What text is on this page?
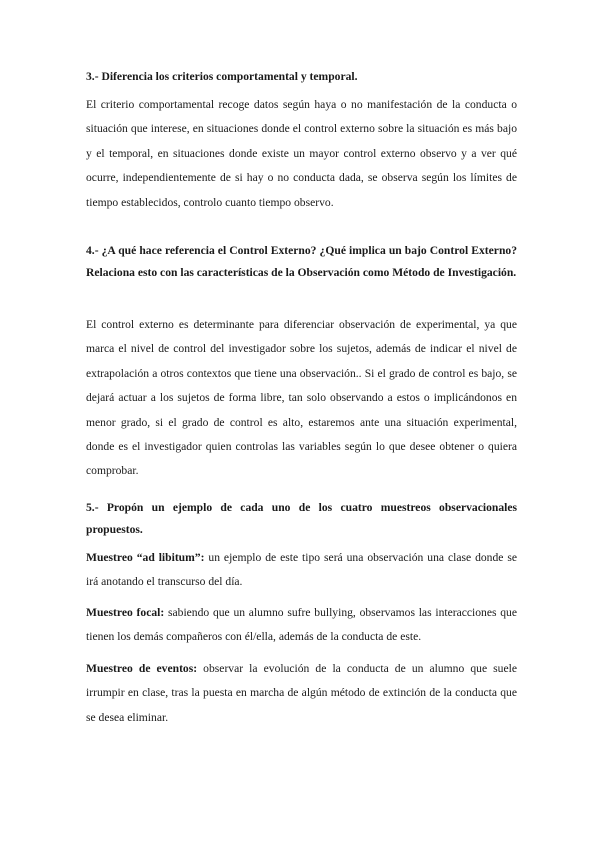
3.- Diferencia los criterios comportamental y temporal.

El criterio comportamental recoge datos según haya o no manifestación de la conducta o situación que interese, en situaciones donde el control externo sobre la situación es más bajo y el temporal, en situaciones donde existe un mayor control externo observo y a ver qué ocurre, independientemente de si hay o no conducta dada, se observa según los límites de tiempo establecidos, controlo cuanto tiempo observo.

4.- ¿A qué hace referencia el Control Externo? ¿Qué implica un bajo Control Externo? Relaciona esto con las características de la Observación como Método de Investigación.

El control externo es determinante para diferenciar observación de experimental, ya que marca el nivel de control del investigador sobre los sujetos, además de indicar el nivel de extrapolación a otros contextos que tiene una observación.. Si el grado de control es bajo, se dejará actuar a los sujetos de forma libre, tan solo observando a estos o implicándonos en menor grado, si el grado de control es alto, estaremos ante una situación experimental, donde es el investigador quien controlas las variables según lo que desee obtener o quiera comprobar.

5.- Propón un ejemplo de cada uno de los cuatro muestreos observacionales propuestos.

Muestreo “ad libitum”: un ejemplo de este tipo será una observación una clase donde se irá anotando el transcurso del día.

Muestreo focal: sabiendo que un alumno sufre bullying, observamos las interacciones que tienen los demás compañeros con él/ella, además de la conducta de este.

Muestreo de eventos: observar la evolución de la conducta de un alumno que suele irrumpir en clase, tras la puesta en marcha de algún método de extinción de la conducta que se desea eliminar.
